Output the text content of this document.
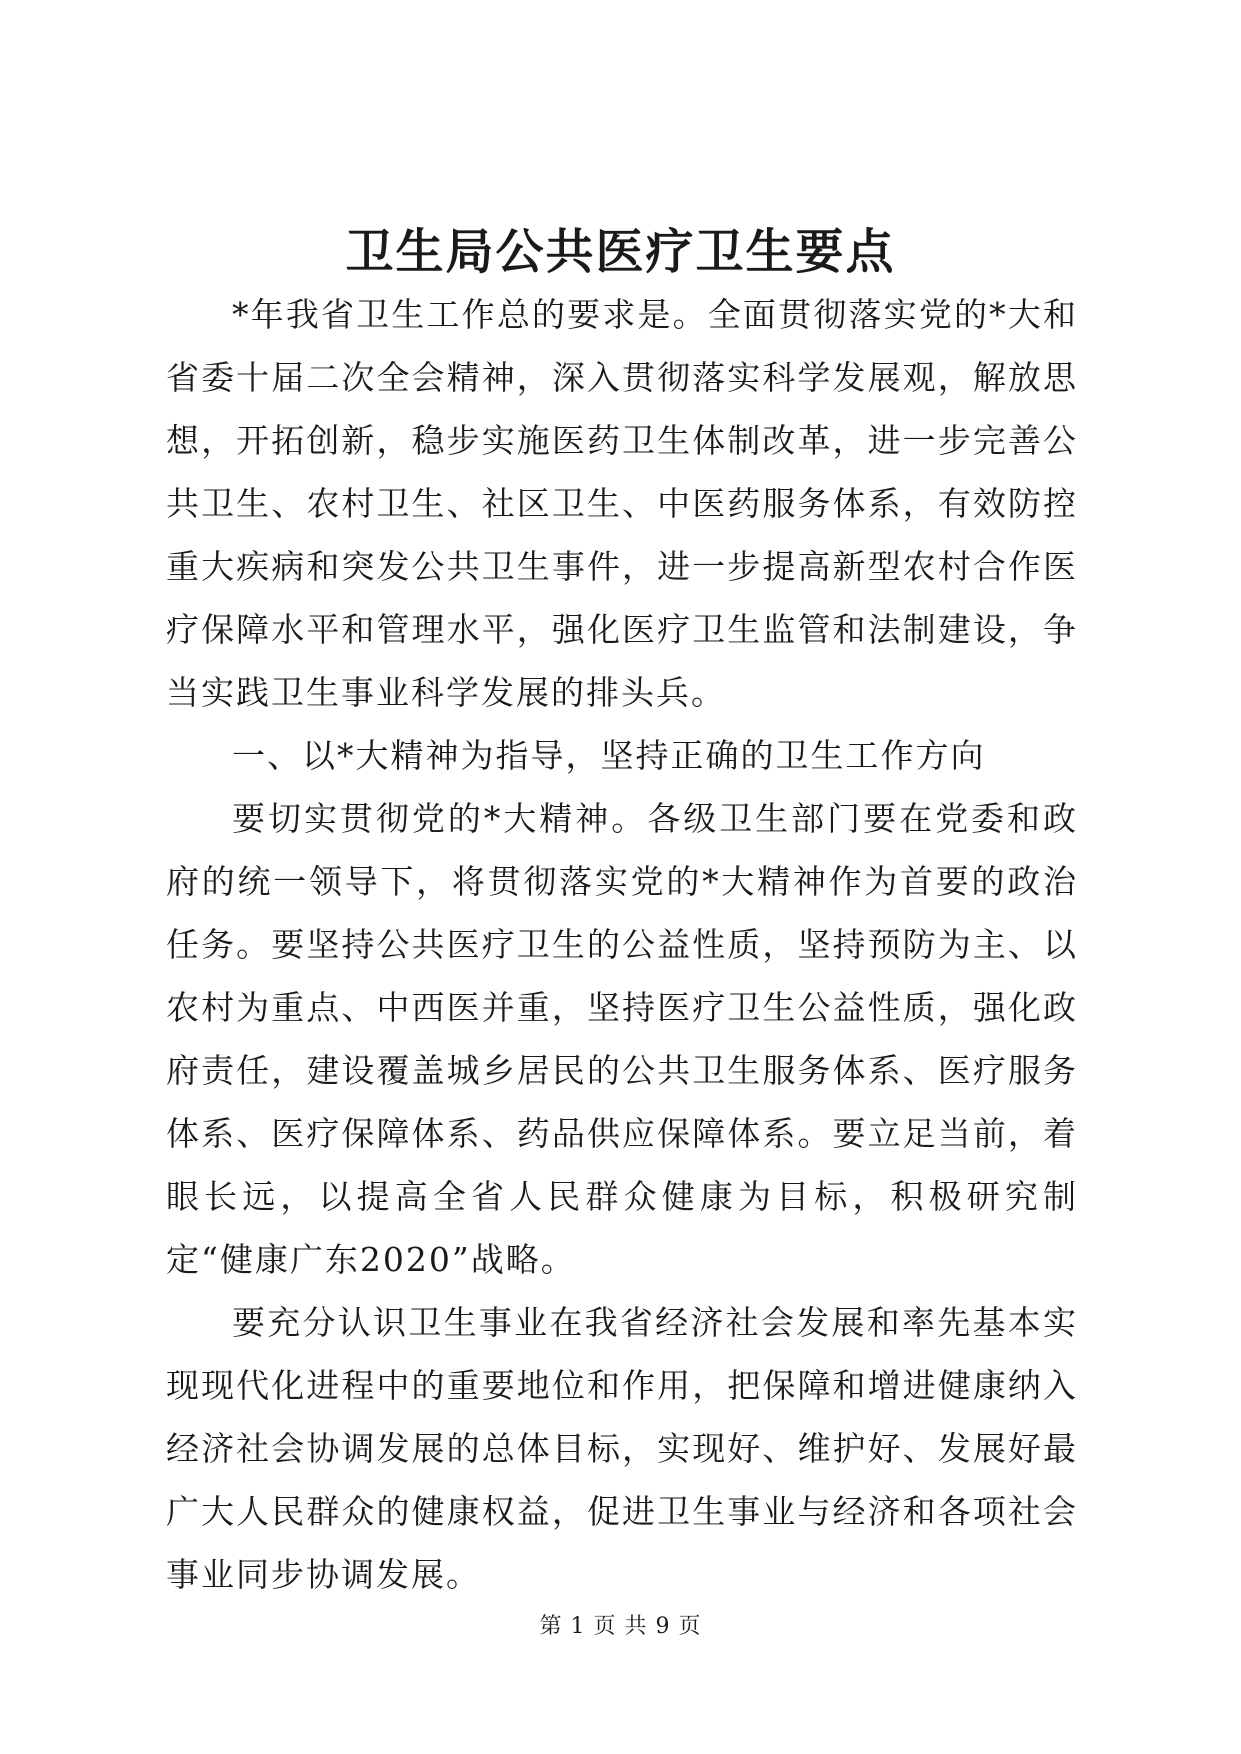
卫生局公共医疗卫生要点

*年我省卫生工作总的要求是。全面贯彻落实党的*大和省委十届二次全会精神，深入贯彻落实科学发展观，解放思想，开拓创新，稳步实施医药卫生体制改革，进一步完善公共卫生、农村卫生、社区卫生、中医药服务体系，有效防控重大疾病和突发公共卫生事件，进一步提高新型农村合作医疗保障水平和管理水平，强化医疗卫生监管和法制建设，争当实践卫生事业科学发展的排头兵。

一、以*大精神为指导，坚持正确的卫生工作方向

要切实贯彻党的*大精神。各级卫生部门要在党委和政府的统一领导下，将贯彻落实党的*大精神作为首要的政治任务。要坚持公共医疗卫生的公益性质，坚持预防为主、以农村为重点、中西医并重，坚持医疗卫生公益性质，强化政府责任，建设覆盖城乡居民的公共卫生服务体系、医疗服务体系、医疗保障体系、药品供应保障体系。要立足当前，着眼长远，以提高全省人民群众健康为目标，积极研究制定“健康广东2020”战略。

要充分认识卫生事业在我省经济社会发展和率先基本实现现代化进程中的重要地位和作用，把保障和增进健康纳入经济社会协调发展的总体目标，实现好、维护好、发展好最广大人民群众的健康权益，促进卫生事业与经济和各项社会事业同步协调发展。

第 1 页 共 9 页
